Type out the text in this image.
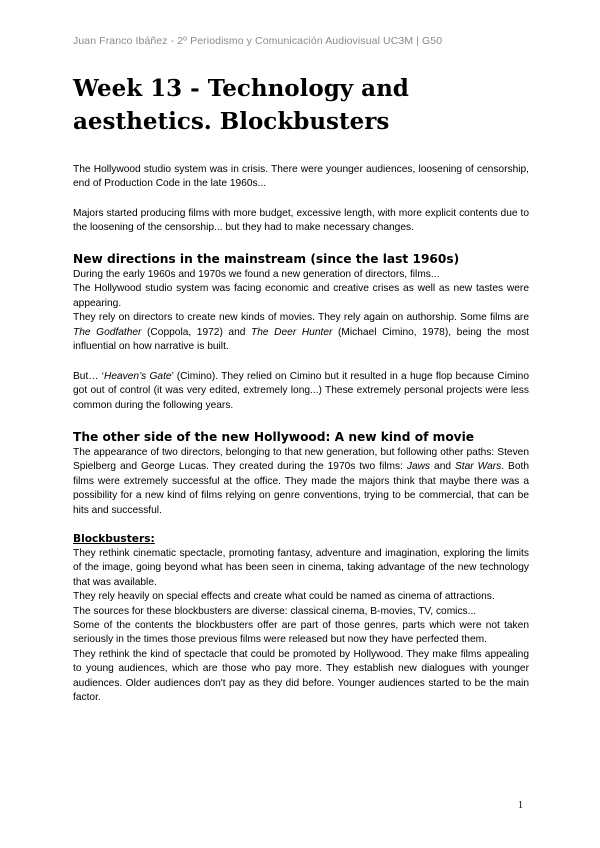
Juan Franco Ibáñez - 2º Periodismo y Comunicación Audiovisual UC3M | G50
Week 13 - Technology and aesthetics. Blockbusters

The Hollywood studio system was in crisis. There were younger audiences, loosening of censorship, end of Production Code in the late 1960s...

Majors started producing films with more budget, excessive length, with more explicit contents due to the loosening of the censorship... but they had to make necessary changes.

New directions in the mainstream (since the last 1960s)

During the early 1960s and 1970s we found a new generation of directors, films...

The Hollywood studio system was facing economic and creative crises as well as new tastes were appearing.

They rely on directors to create new kinds of movies. They rely again on authorship. Some films are The Godfather (Coppola, 1972) and The Deer Hunter (Michael Cimino, 1978), being the most influential on how narrative is built.

But… ‘Heaven’s Gate’ (Cimino). They relied on Cimino but it resulted in a huge flop because Cimino got out of control (it was very edited, extremely long...) These extremely personal projects were less common during the following years.

The other side of the new Hollywood: A new kind of movie

The appearance of two directors, belonging to that new generation, but following other paths: Steven Spielberg and George Lucas. They created during the 1970s two films: Jaws and Star Wars. Both films were extremely successful at the office. They made the majors think that maybe there was a possibility for a new kind of films relying on genre conventions, trying to be commercial, that can be hits and successful.

Blockbusters:

They rethink cinematic spectacle, promoting fantasy, adventure and imagination, exploring the limits of the image, going beyond what has been seen in cinema, taking advantage of the new technology that was available.

They rely heavily on special effects and create what could be named as cinema of attractions.

The sources for these blockbusters are diverse: classical cinema, B-movies, TV, comics...

Some of the contents the blockbusters offer are part of those genres, parts which were not taken seriously in the times those previous films were released but now they have perfected them.

They rethink the kind of spectacle that could be promoted by Hollywood. They make films appealing to young audiences, which are those who pay more. They establish new dialogues with younger audiences. Older audiences don't pay as they did before. Younger audiences started to be the main factor.

1
